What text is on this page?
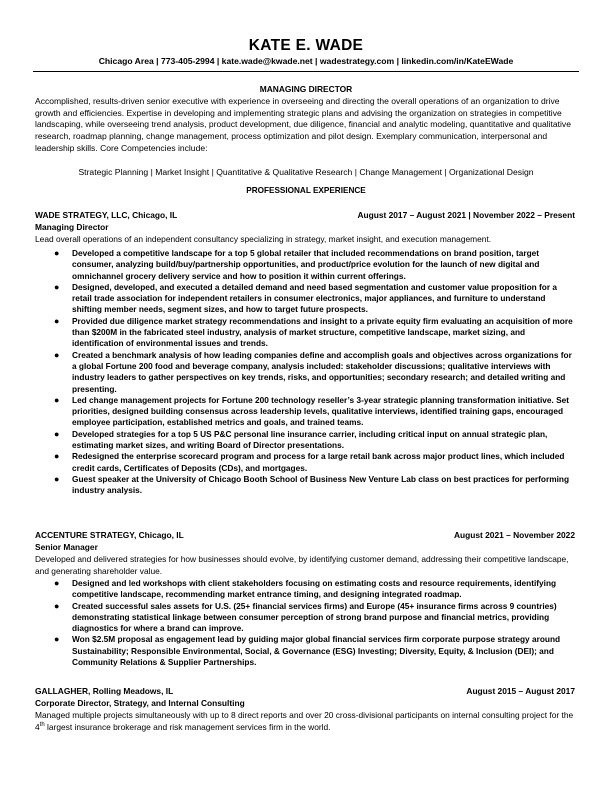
KATE E. WADE
Chicago Area | 773-405-2994 | kate.wade@kwade.net | wadestrategy.com | linkedin.com/in/KateEWade
MANAGING DIRECTOR
Accomplished, results-driven senior executive with experience in overseeing and directing the overall operations of an organization to drive growth and efficiencies. Expertise in developing and implementing strategic plans and advising the organization on strategies in competitive landscaping, while overseeing trend analysis, product development, due diligence, financial and analytic modeling, quantitative and qualitative research, roadmap planning, change management, process optimization and pilot design. Exemplary communication, interpersonal and leadership skills. Core Competencies include:
Strategic Planning | Market Insight | Quantitative & Qualitative Research | Change Management | Organizational Design
PROFESSIONAL EXPERIENCE
WADE STRATEGY, LLC, Chicago, IL	August 2017 – August 2021 | November 2022 – Present
Managing Director
Lead overall operations of an independent consultancy specializing in strategy, market insight, and execution management.
● Developed a competitive landscape for a top 5 global retailer that included recommendations on brand position, target consumer, analyzing build/buy/partnership opportunities, and product/price evolution for the launch of new digital and omnichannel grocery delivery service and how to position it within current offerings.
● Designed, developed, and executed a detailed demand and need based segmentation and customer value proposition for a retail trade association for independent retailers in consumer electronics, major appliances, and furniture to understand shifting member needs, segment sizes, and how to target future prospects.
● Provided due diligence market strategy recommendations and insight to a private equity firm evaluating an acquisition of more than $200M in the fabricated steel industry, analysis of market structure, competitive landscape, market sizing, and identification of environmental issues and trends.
● Created a benchmark analysis of how leading companies define and accomplish goals and objectives across organizations for a global Fortune 200 food and beverage company, analysis included: stakeholder discussions; qualitative interviews with industry leaders to gather perspectives on key trends, risks, and opportunities; secondary research; and detailed writing and presenting.
● Led change management projects for Fortune 200 technology reseller’s 3-year strategic planning transformation initiative. Set priorities, designed building consensus across leadership levels, qualitative interviews, identified training gaps, encouraged employee participation, established metrics and goals, and trained teams.
● Developed strategies for a top 5 US P&C personal line insurance carrier, including critical input on annual strategic plan, estimating market sizes, and writing Board of Director presentations.
● Redesigned the enterprise scorecard program and process for a large retail bank across major product lines, which included credit cards, Certificates of Deposits (CDs), and mortgages.
● Guest speaker at the University of Chicago Booth School of Business New Venture Lab class on best practices for performing industry analysis.
ACCENTURE STRATEGY, Chicago, IL	August 2021 – November 2022
Senior Manager
Developed and delivered strategies for how businesses should evolve, by identifying customer demand, addressing their competitive landscape, and generating shareholder value.
● Designed and led workshops with client stakeholders focusing on estimating costs and resource requirements, identifying competitive landscape, recommending market entrance timing, and designing integrated roadmap.
● Created successful sales assets for U.S. (25+ financial services firms) and Europe (45+ insurance firms across 9 countries) demonstrating statistical linkage between consumer perception of strong brand purpose and financial metrics, providing diagnostics for where a brand can improve.
● Won $2.5M proposal as engagement lead by guiding major global financial services firm corporate purpose strategy around Sustainability; Responsible Environmental, Social, & Governance (ESG) Investing; Diversity, Equity, & Inclusion (DEI); and Community Relations & Supplier Partnerships.
GALLAGHER, Rolling Meadows, IL	August 2015 – August 2017
Corporate Director, Strategy, and Internal Consulting
Managed multiple projects simultaneously with up to 8 direct reports and over 20 cross-divisional participants on internal consulting project for the 4th largest insurance brokerage and risk management services firm in the world.
